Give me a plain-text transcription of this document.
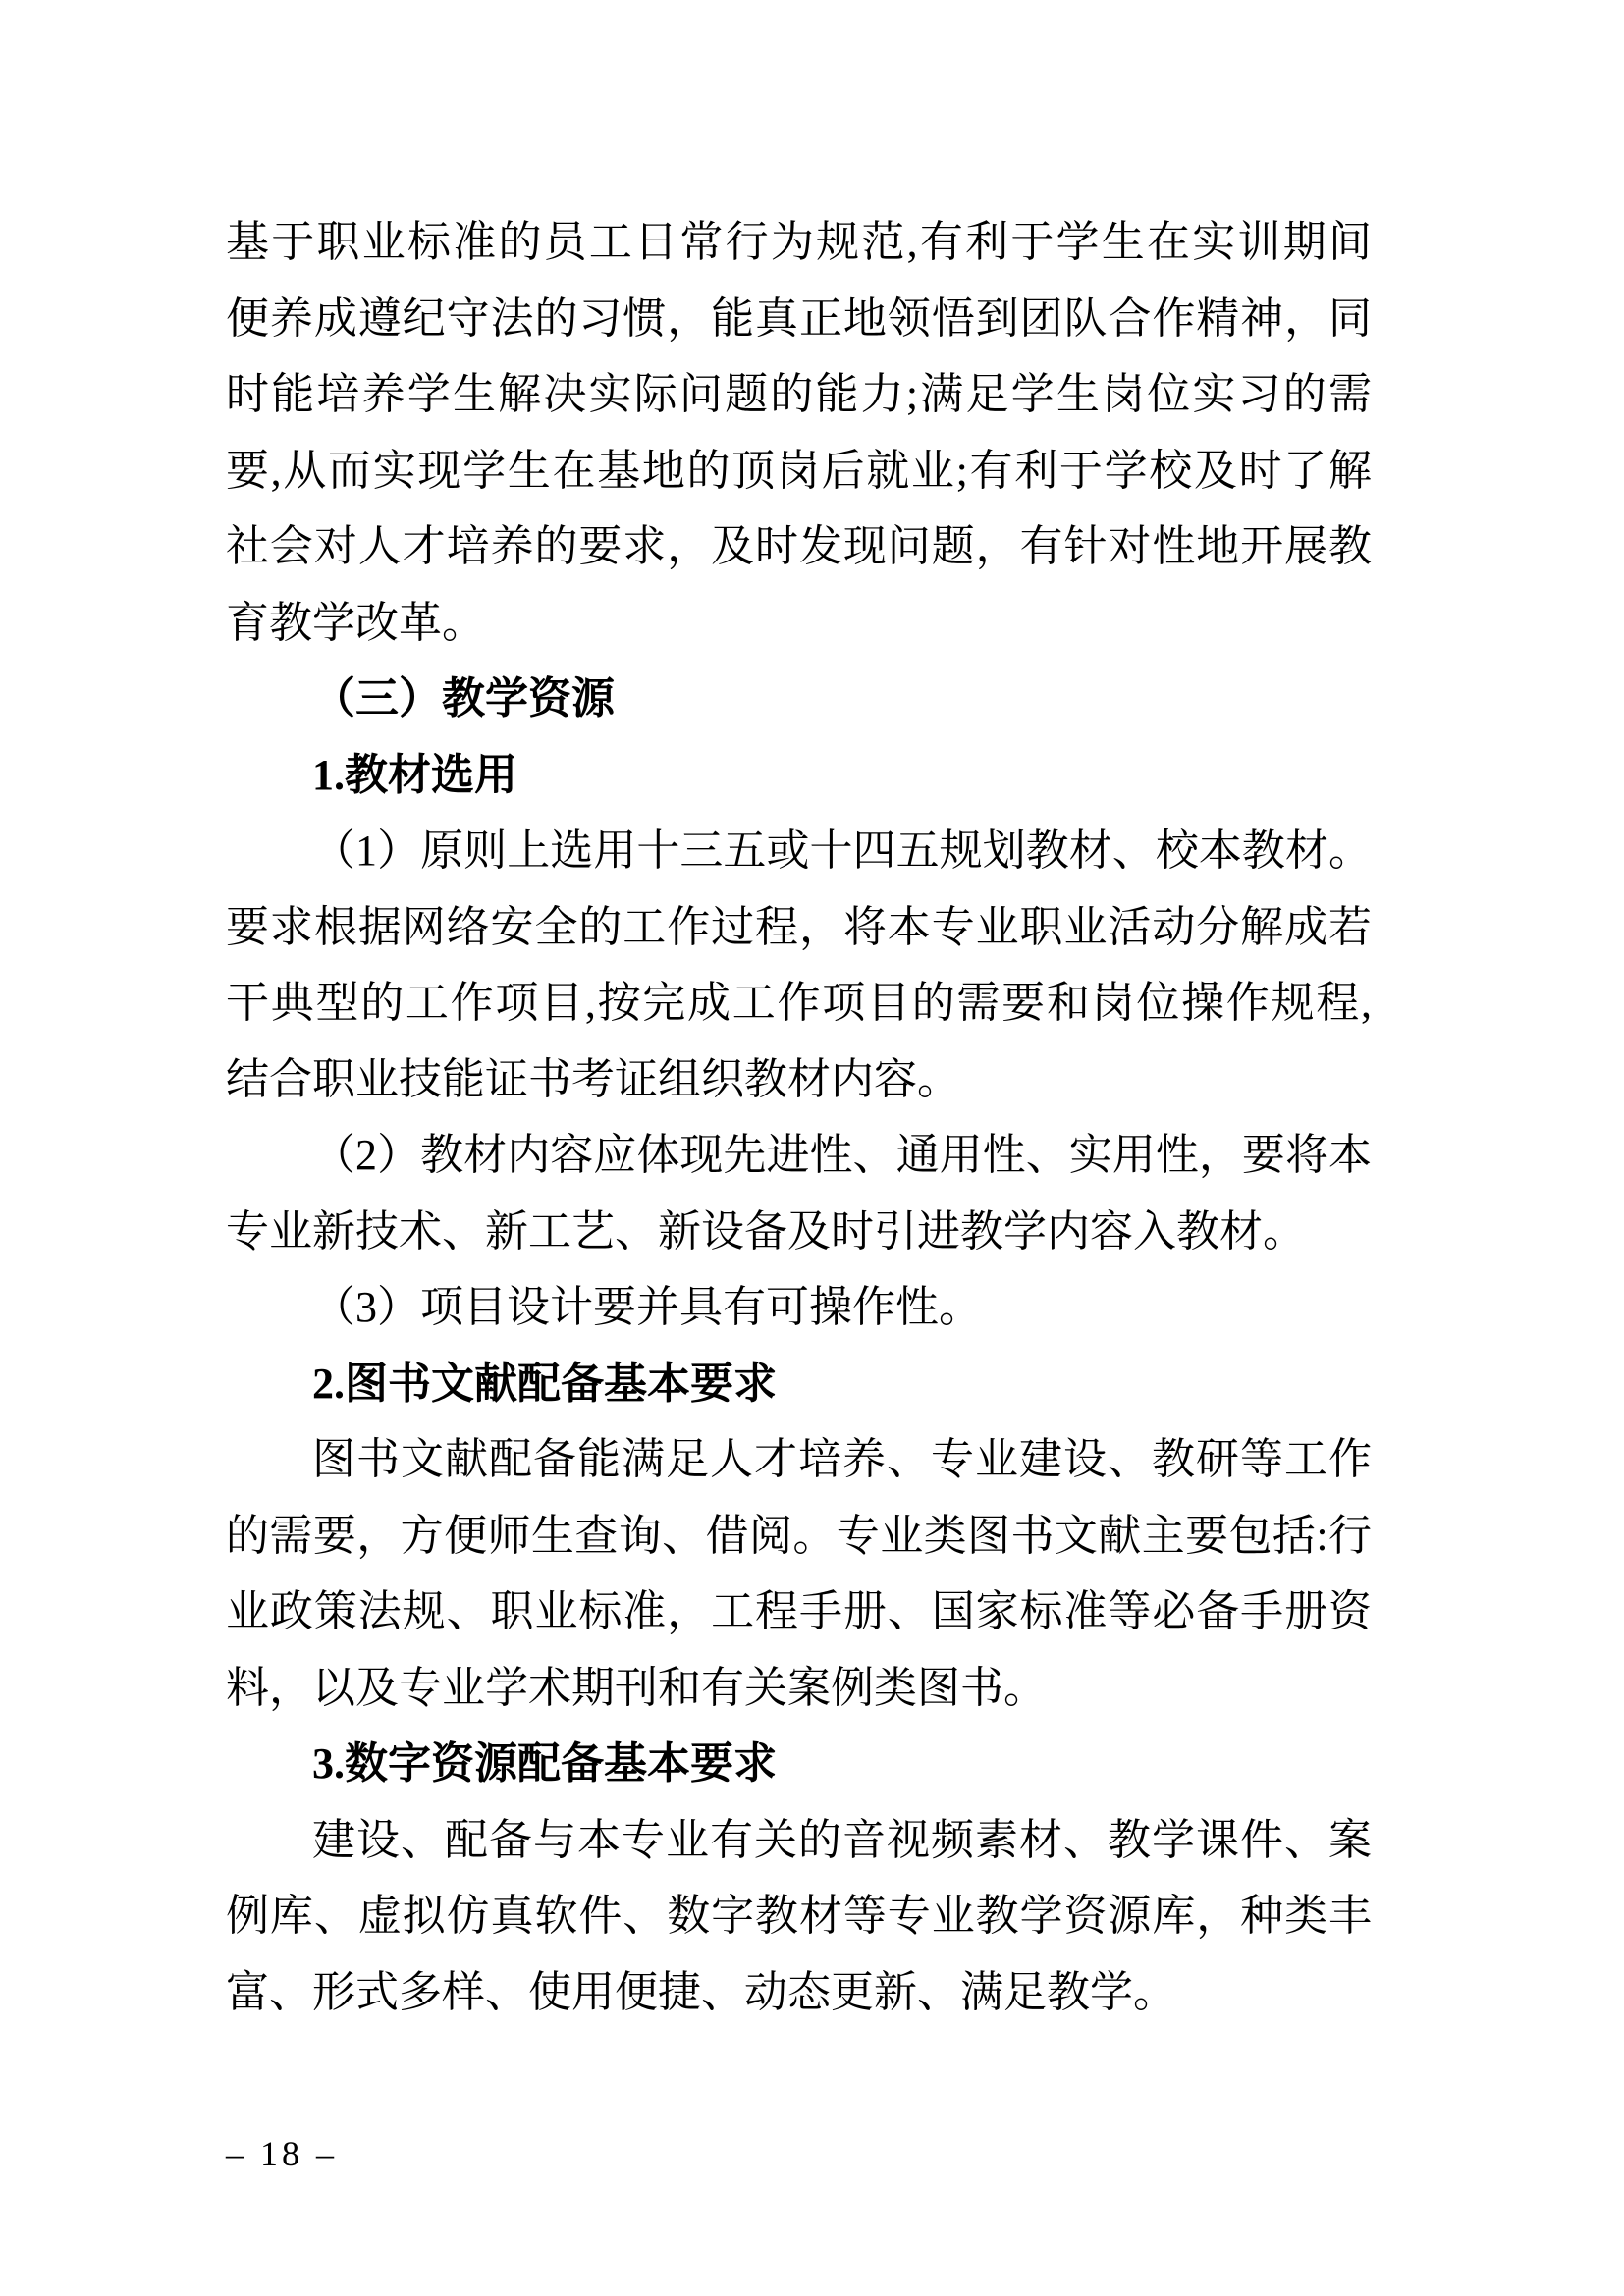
基于职业标准的员工日常行为规范,有利于学生在实训期间
便养成遵纪守法的习惯，能真正地领悟到团队合作精神，同
时能培养学生解决实际问题的能力;满足学生岗位实习的需
要,从而实现学生在基地的顶岗后就业;有利于学校及时了解
社会对人才培养的要求，及时发现问题，有针对性地开展教
育教学改革。
（三）教学资源
1.教材选用
（1）原则上选用十三五或十四五规划教材、校本教材。
要求根据网络安全的工作过程，将本专业职业活动分解成若
干典型的工作项目,按完成工作项目的需要和岗位操作规程,
结合职业技能证书考证组织教材内容。
（2）教材内容应体现先进性、通用性、实用性，要将本
专业新技术、新工艺、新设备及时引进教学内容入教材。
（3）项目设计要并具有可操作性。
2.图书文献配备基本要求
图书文献配备能满足人才培养、专业建设、教研等工作
的需要，方便师生查询、借阅。专业类图书文献主要包括:行
业政策法规、职业标准，工程手册、国家标准等必备手册资
料，以及专业学术期刊和有关案例类图书。
3.数字资源配备基本要求
建设、配备与本专业有关的音视频素材、教学课件、案
例库、虚拟仿真软件、数字教材等专业教学资源库，种类丰
富、形式多样、使用便捷、动态更新、满足教学。
– 18 –
